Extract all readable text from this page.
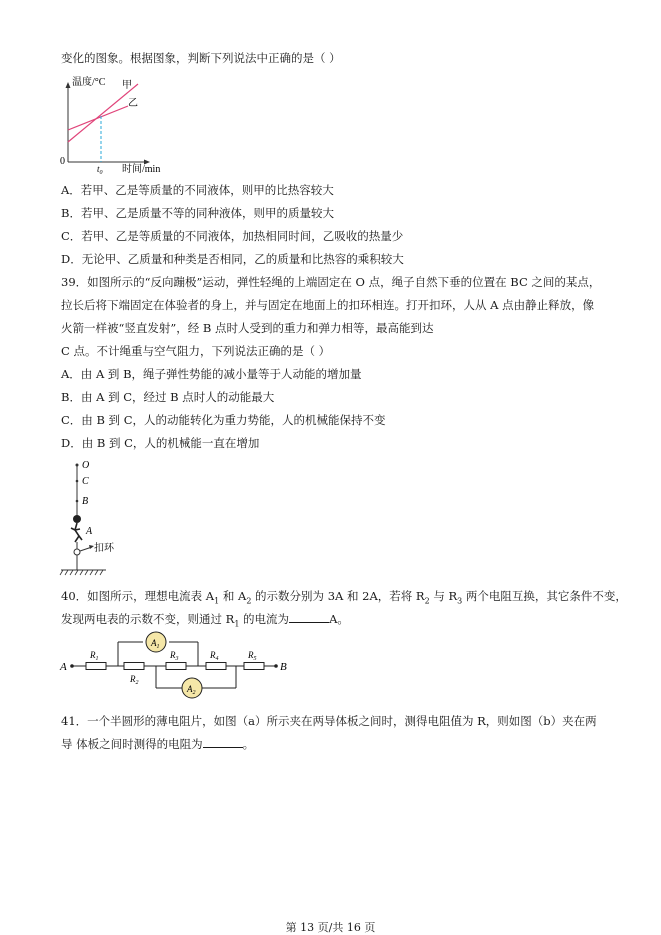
变化的图象。根据图象，判断下列说法中正确的是（ ）
温度/°C 甲
乙
0
$t_0$ 时间/min
A．若甲、乙是等质量的不同液体，则甲的比热容较大
B．若甲、乙是质量不等的同种液体，则甲的质量较大
C．若甲、乙是等质量的不同液体，加热相同时间，乙吸收的热量少
D．无论甲、乙质量和种类是否相同，乙的质量和比热容的乘积较大
39．如图所示的“反向蹦极”运动，弹性轻绳的上端固定在 O 点，绳子自然下垂的位置在 BC 之间的某点，
拉长后将下端固定在体验者的身上，并与固定在地面上的扣环相连。打开扣环，人从 A 点由静止释放，像
火箭一样被“竖直发射”，经 B 点时人受到的重力和弹力相等，最高能到达
C 点。不计绳重与空气阻力，下列说法正确的是（ ）
A．由 A 到 B，绳子弹性势能的减小量等于人动能的增加量
B．由 A 到 C，经过 B 点时人的动能最大
C．由 B 到 C，人的动能转化为重力势能，人的机械能保持不变
D．由 B 到 C，人的机械能一直在增加
O
C
B
A
扣环
40．如图所示，理想电流表 $A_1$ 和 $A_2$ 的示数分别为 3A 和 2A，若将 $R_2$ 与 $R_3$ 两个电阻互换，其它条件不变，
发现两电表的示数不变，则通过 $R_1$ 的电流为	A。
A
$R_1$
$A_1$
$R_2$
$R_3$	$R_4$
$A_2$
$R_5$
B
41．一个半圆形的薄电阻片，如图（a）所示夹在两导体板之间时，测得电阻值为 R，则如图（b）夹在两
导 体板之间时测得的电阻为	。
第 13 页/共 16 页
